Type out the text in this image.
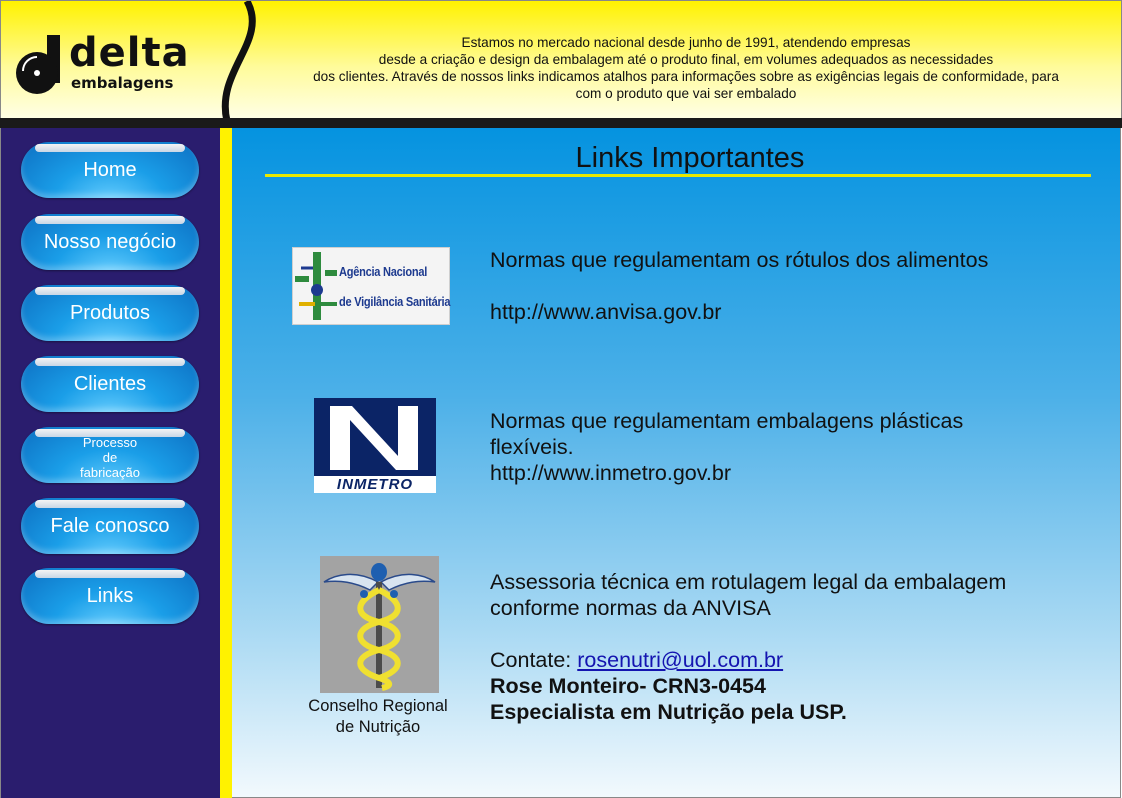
delta
embalagens
Estamos no mercado nacional desde junho de 1991, atendendo empresas
desde a criação e design da embalagem até o produto final, em volumes adequados as necessidades
dos clientes. Através de nossos links indicamos atalhos para informações sobre as exigências legais de conformidade, para
com o produto que vai ser embalado
Home
Nosso negócio
Produtos
Clientes
Processo
de
fabricação
Fale conosco
Links
Links Importantes
Agência Nacional
de Vigilância Sanitária
Normas que regulamentam os rótulos dos alimentos
http://www.anvisa.gov.br
INMETRO
Normas que regulamentam embalagens plásticas
flexíveis.
http://www.inmetro.gov.br
Conselho Regional
de Nutrição
Assessoria técnica em rotulagem legal da embalagem
conforme normas da ANVISA
Contate: rosenutri@uol.com.br
Rose Monteiro- CRN3-0454
Especialista em Nutrição pela USP.
